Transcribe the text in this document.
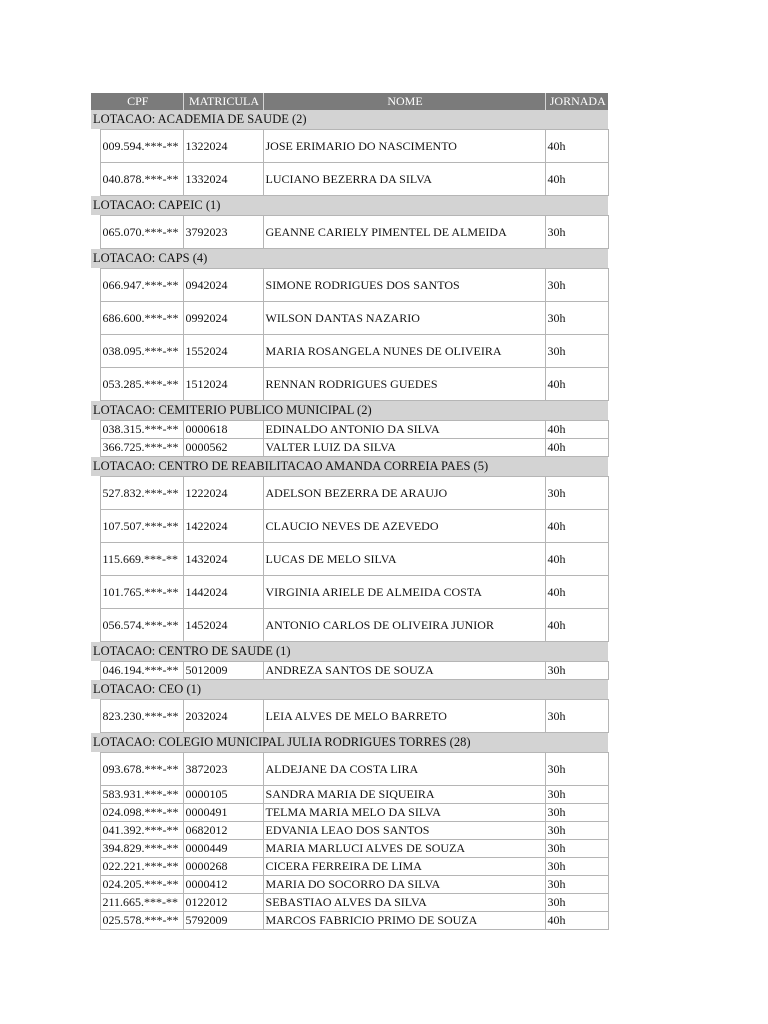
CPF		MATRICULA	NOME	JORNADA
LOTACAO: ACADEMIA DE SAUDE (2)				
	009.594.***-**	1322024	JOSE ERIMARIO DO NASCIMENTO	40h
	040.878.***-**	1332024	LUCIANO BEZERRA DA SILVA	40h
LOTACAO: CAPEIC (1)				
	065.070.***-**	3792023	GEANNE CARIELY PIMENTEL DE ALMEIDA	30h
LOTACAO: CAPS (4)				
	066.947.***-**	0942024	SIMONE RODRIGUES DOS SANTOS	30h
	686.600.***-**	0992024	WILSON DANTAS NAZARIO	30h
	038.095.***-**	1552024	MARIA ROSANGELA NUNES DE OLIVEIRA	30h
	053.285.***-**	1512024	RENNAN RODRIGUES GUEDES	40h
LOTACAO: CEMITERIO PUBLICO MUNICIPAL (2)				
	038.315.***-**	0000618	EDINALDO ANTONIO DA SILVA	40h
	366.725.***-**	0000562	VALTER LUIZ DA SILVA	40h
LOTACAO: CENTRO DE REABILITACAO AMANDA CORREIA PAES (5)				
	527.832.***-**	1222024	ADELSON BEZERRA DE ARAUJO	30h
	107.507.***-**	1422024	CLAUCIO NEVES DE AZEVEDO	40h
	115.669.***-**	1432024	LUCAS DE MELO SILVA	40h
	101.765.***-**	1442024	VIRGINIA ARIELE DE ALMEIDA COSTA	40h
	056.574.***-**	1452024	ANTONIO CARLOS DE OLIVEIRA JUNIOR	40h
LOTACAO: CENTRO DE SAUDE (1)				
	046.194.***-**	5012009	ANDREZA SANTOS DE SOUZA	30h
LOTACAO: CEO (1)				
	823.230.***-**	2032024	LEIA ALVES DE MELO BARRETO	30h
LOTACAO: COLEGIO MUNICIPAL JULIA RODRIGUES TORRES (28)				
	093.678.***-**	3872023	ALDEJANE DA COSTA LIRA	30h
	583.931.***-**	0000105	SANDRA MARIA DE SIQUEIRA	30h
	024.098.***-**	0000491	TELMA MARIA MELO DA SILVA	30h
	041.392.***-**	0682012	EDVANIA LEAO DOS SANTOS	30h
	394.829.***-**	0000449	MARIA MARLUCI ALVES DE SOUZA	30h
	022.221.***-**	0000268	CICERA FERREIRA DE LIMA	30h
	024.205.***-**	0000412	MARIA DO SOCORRO DA SILVA	30h
	211.665.***-**	0122012	SEBASTIAO ALVES DA SILVA	30h
	025.578.***-**	5792009	MARCOS FABRICIO PRIMO DE SOUZA	40h
